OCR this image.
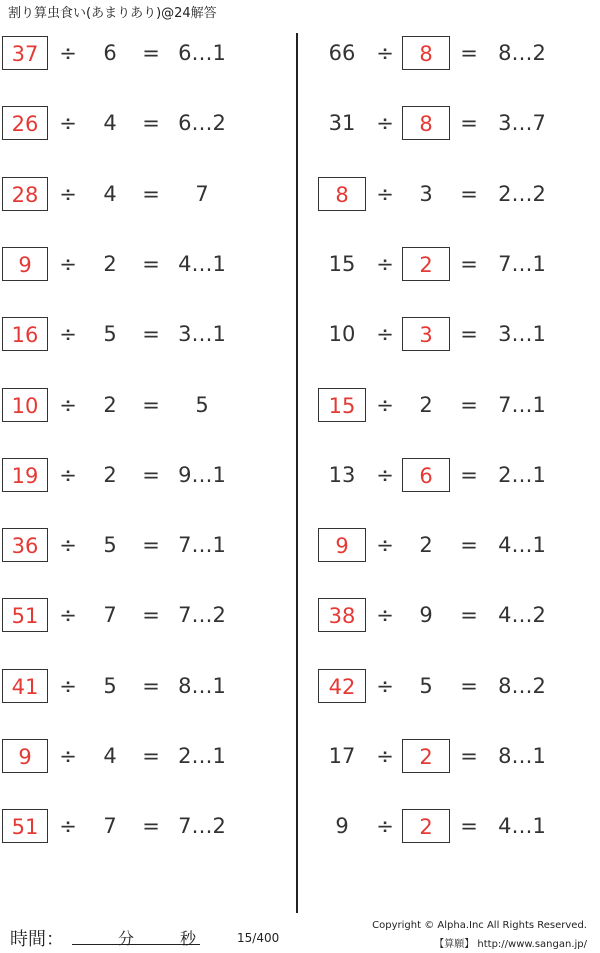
割り算虫食い(あまりあり)@24解答
37 ÷	6	= 6…1
26 ÷	4	= 6…2
28 ÷	4	=	7
9	÷	2	= 4…1
16 ÷	5	= 3…1
10 ÷	2	=	5
19 ÷	2	= 9…1
36 ÷	5	= 7…1
51 ÷	7	= 7…2
41 ÷	5	= 8…1
9	÷	4	= 2…1
51 ÷	7	= 7…2
66 ÷	8	= 8…2
31 ÷	8	= 3…7
8	÷	3	= 2…2
15 ÷	2	= 7…1
10 ÷	3	= 3…1
15 ÷	2	= 7…1
13 ÷	6	= 2…1
9	÷	2	= 4…1
38 ÷	9	= 4…2
42 ÷	5	= 8…2
17 ÷	2	= 8…1
9	÷	2	= 4…1
時間：	分	秒	15/400
Copyright © Alpha.Inc All Rights Reserved.
【算願】 http://www.sangan.jp/
